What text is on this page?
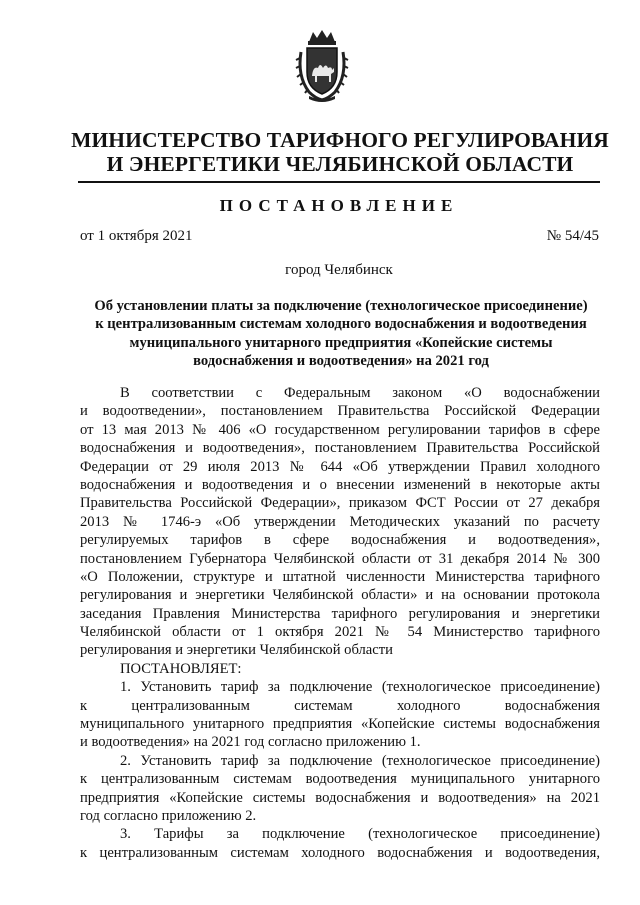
МИНИСТЕРСТВО ТАРИФНОГО РЕГУЛИРОВАНИЯ
И ЭНЕРГЕТИКИ ЧЕЛЯБИНСКОЙ ОБЛАСТИ
ПОСТАНОВЛЕНИЕ
от 1 октября 2021	№ 54/45
город Челябинск
Об установлении платы за подключение (технологическое присоединение)
к централизованным системам холодного водоснабжения и водоотведения
муниципального унитарного предприятия «Копейские системы
водоснабжения и водоотведения» на 2021 год
В соответствии с Федеральным законом «О водоснабжении
и водоотведении», постановлением Правительства Российской Федерации
от 13 мая 2013 № 406 «О государственном регулировании тарифов в сфере
водоснабжения и водоотведения», постановлением Правительства Российской
Федерации от 29 июля 2013 № 644 «Об утверждении Правил холодного
водоснабжения и водоотведения и о внесении изменений в некоторые акты
Правительства Российской Федерации», приказом ФСТ России от 27 декабря
2013 № 1746-э «Об утверждении Методических указаний по расчету
регулируемых тарифов в сфере водоснабжения и водоотведения»,
постановлением Губернатора Челябинской области от 31 декабря 2014 № 300
«О Положении, структуре и штатной численности Министерства тарифного
регулирования и энергетики Челябинской области» и на основании протокола
заседания Правления Министерства тарифного регулирования и энергетики
Челябинской области от 1 октября 2021 № 54 Министерство тарифного
регулирования и энергетики Челябинской области
ПОСТАНОВЛЯЕТ:
1. Установить тариф за подключение (технологическое присоединение)
к централизованным системам холодного водоснабжения
муниципального унитарного предприятия «Копейские системы водоснабжения
и водоотведения» на 2021 год согласно приложению 1.
2. Установить тариф за подключение (технологическое присоединение)
к централизованным системам водоотведения муниципального унитарного
предприятия «Копейские системы водоснабжения и водоотведения» на 2021
год согласно приложению 2.
3. Тарифы за подключение (технологическое присоединение)
к централизованным системам холодного водоснабжения и водоотведения,
